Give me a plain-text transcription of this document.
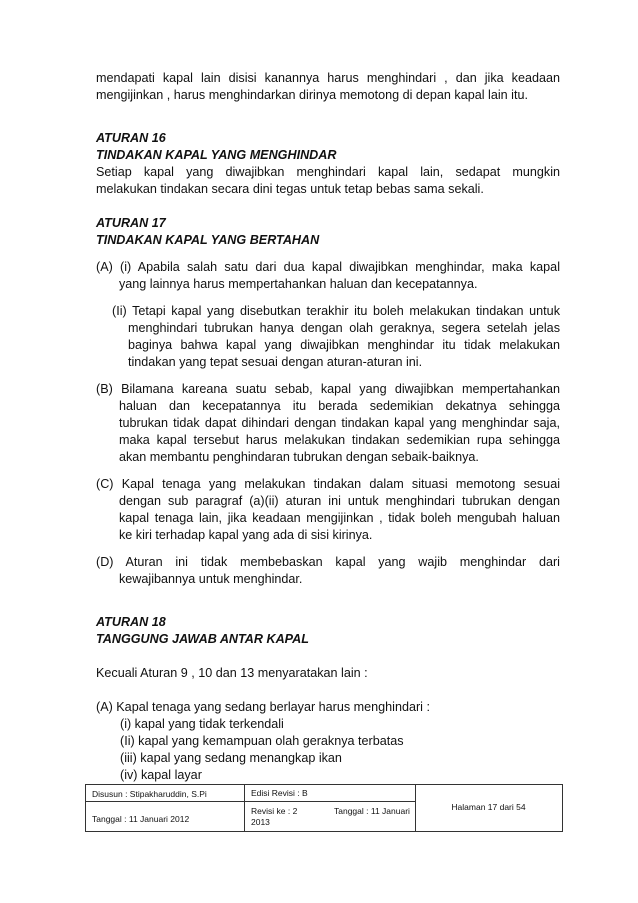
mendapati kapal lain disisi kanannya harus menghindari , dan jika keadaan

mengijinkan , harus menghindarkan dirinya memotong di depan kapal lain itu.

ATURAN 16
TINDAKAN KAPAL YANG MENGHINDAR

Setiap kapal yang diwajibkan menghindari kapal lain, sedapat mungkin

melakukan tindakan secara dini tegas untuk tetap bebas sama sekali.

ATURAN 17
TINDAKAN KAPAL YANG BERTAHAN

(A) (i) Apabila salah satu dari dua kapal diwajibkan menghindar, maka kapal

yang lainnya harus mempertahankan haluan dan kecepatannya.

(Ii) Tetapi kapal yang disebutkan terakhir itu boleh melakukan tindakan untuk

menghindari tubrukan hanya dengan olah geraknya, segera setelah jelas

baginya bahwa kapal yang diwajibkan menghindar itu tidak melakukan

tindakan yang tepat sesuai dengan aturan-aturan ini.

(B) Bilamana kareana suatu sebab, kapal yang diwajibkan mempertahankan

haluan dan kecepatannya itu berada sedemikian dekatnya sehingga

tubrukan tidak dapat dihindari dengan tindakan kapal yang menghindar saja,

maka kapal tersebut harus melakukan tindakan sedemikian rupa sehingga

akan membantu penghindaran tubrukan dengan sebaik-baiknya.

(C) Kapal tenaga yang melakukan tindakan dalam situasi memotong sesuai

dengan sub paragraf (a)(ii) aturan ini untuk menghindari tubrukan dengan

kapal tenaga lain, jika keadaan mengijinkan , tidak boleh mengubah haluan

ke kiri terhadap kapal yang ada di sisi kirinya.

(D) Aturan ini tidak membebaskan kapal yang wajib menghindar dari

kewajibannya untuk menghindar.

ATURAN 18
TANGGUNG JAWAB ANTAR KAPAL

Kecuali Aturan 9 , 10 dan 13 menyaratakan lain :

(A) Kapal tenaga yang sedang berlayar harus menghindari :

(i) kapal yang tidak terkendali
(Ii) kapal yang kemampuan olah geraknya terbatas
(iii) kapal yang sedang menangkap ikan
(iv) kapal layar
Disusun : Stipakharuddin, S.Pi
Tanggal : 11 Januari 2012
Edisi Revisi : B
Revisi ke : 2
2013
Tanggal : 11 Januari	Halaman 17 dari 54
